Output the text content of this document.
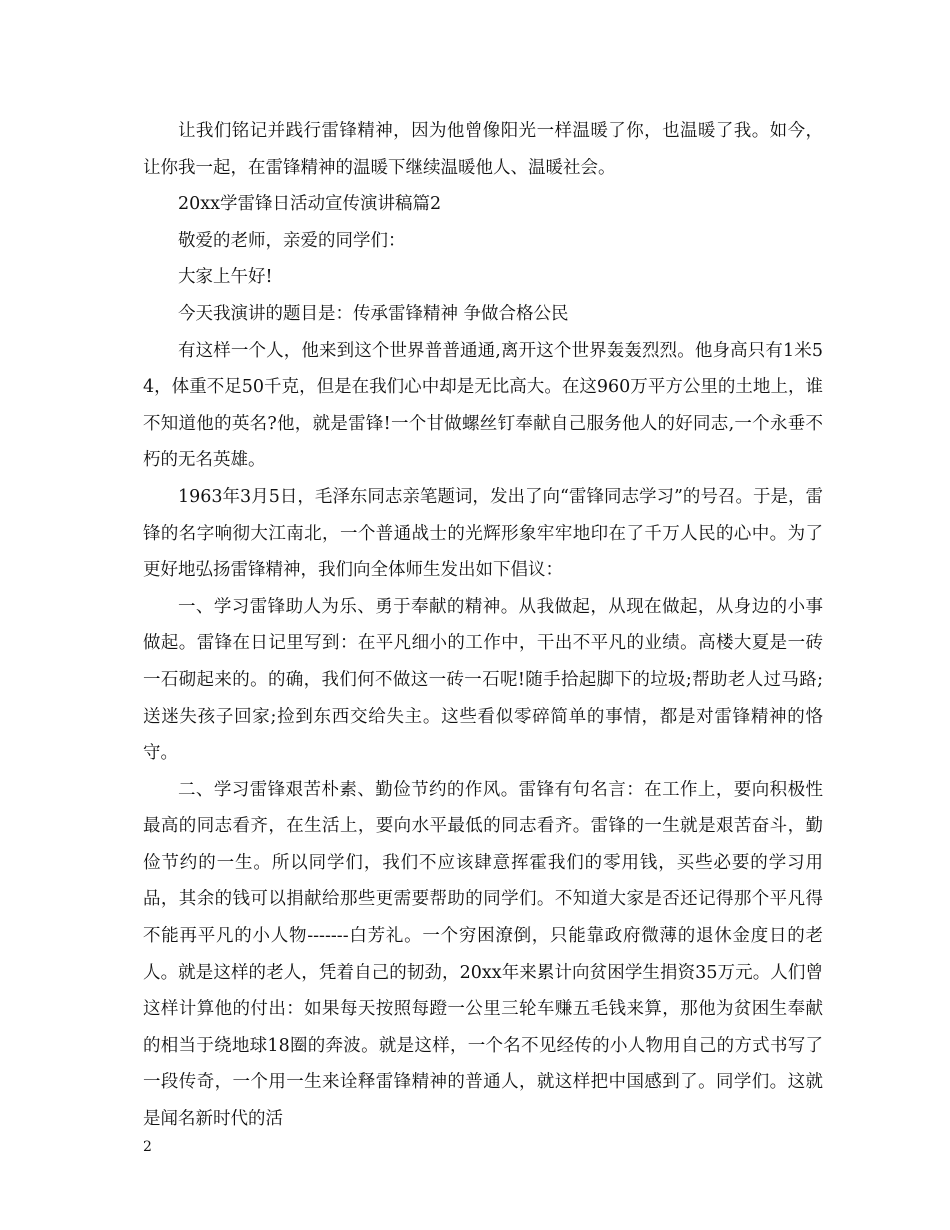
让我们铭记并践行雷锋精神，因为他曾像阳光一样温暖了你，也温暖了我。如今，让你我一起，在雷锋精神的温暖下继续温暖他人、温暖社会。

20xx学雷锋日活动宣传演讲稿篇2

敬爱的老师，亲爱的同学们：

大家上午好!

今天我演讲的题目是：传承雷锋精神 争做合格公民

有这样一个人，他来到这个世界普普通通,离开这个世界轰轰烈烈。他身高只有1米54，体重不足50千克，但是在我们心中却是无比高大。在这960万平方公里的土地上，谁不知道他的英名?他，就是雷锋!一个甘做螺丝钉奉献自己服务他人的好同志,一个永垂不朽的无名英雄。

1963年3月5日，毛泽东同志亲笔题词，发出了向“雷锋同志学习”的号召。于是，雷锋的名字响彻大江南北，一个普通战士的光辉形象牢牢地印在了千万人民的心中。为了更好地弘扬雷锋精神，我们向全体师生发出如下倡议：

一、学习雷锋助人为乐、勇于奉献的精神。从我做起，从现在做起，从身边的小事做起。雷锋在日记里写到：在平凡细小的工作中，干出不平凡的业绩。高楼大夏是一砖一石砌起来的。的确，我们何不做这一砖一石呢!随手拾起脚下的垃圾;帮助老人过马路;送迷失孩子回家;捡到东西交给失主。这些看似零碎简单的事情，都是对雷锋精神的恪守。

二、学习雷锋艰苦朴素、勤俭节约的作风。雷锋有句名言：在工作上，要向积极性最高的同志看齐，在生活上，要向水平最低的同志看齐。雷锋的一生就是艰苦奋斗，勤俭节约的一生。所以同学们，我们不应该肆意挥霍我们的零用钱，买些必要的学习用品，其余的钱可以捐献给那些更需要帮助的同学们。不知道大家是否还记得那个平凡得不能再平凡的小人物-------白芳礼。一个穷困潦倒，只能靠政府微薄的退休金度日的老人。就是这样的老人，凭着自己的韧劲，20xx年来累计向贫困学生捐资35万元。人们曾这样计算他的付出：如果每天按照每蹬一公里三轮车赚五毛钱来算，那他为贫困生奉献的相当于绕地球18圈的奔波。就是这样，一个名不见经传的小人物用自己的方式书写了一段传奇，一个用一生来诠释雷锋精神的普通人，就这样把中国感到了。同学们。这就是闻名新时代的活

2
